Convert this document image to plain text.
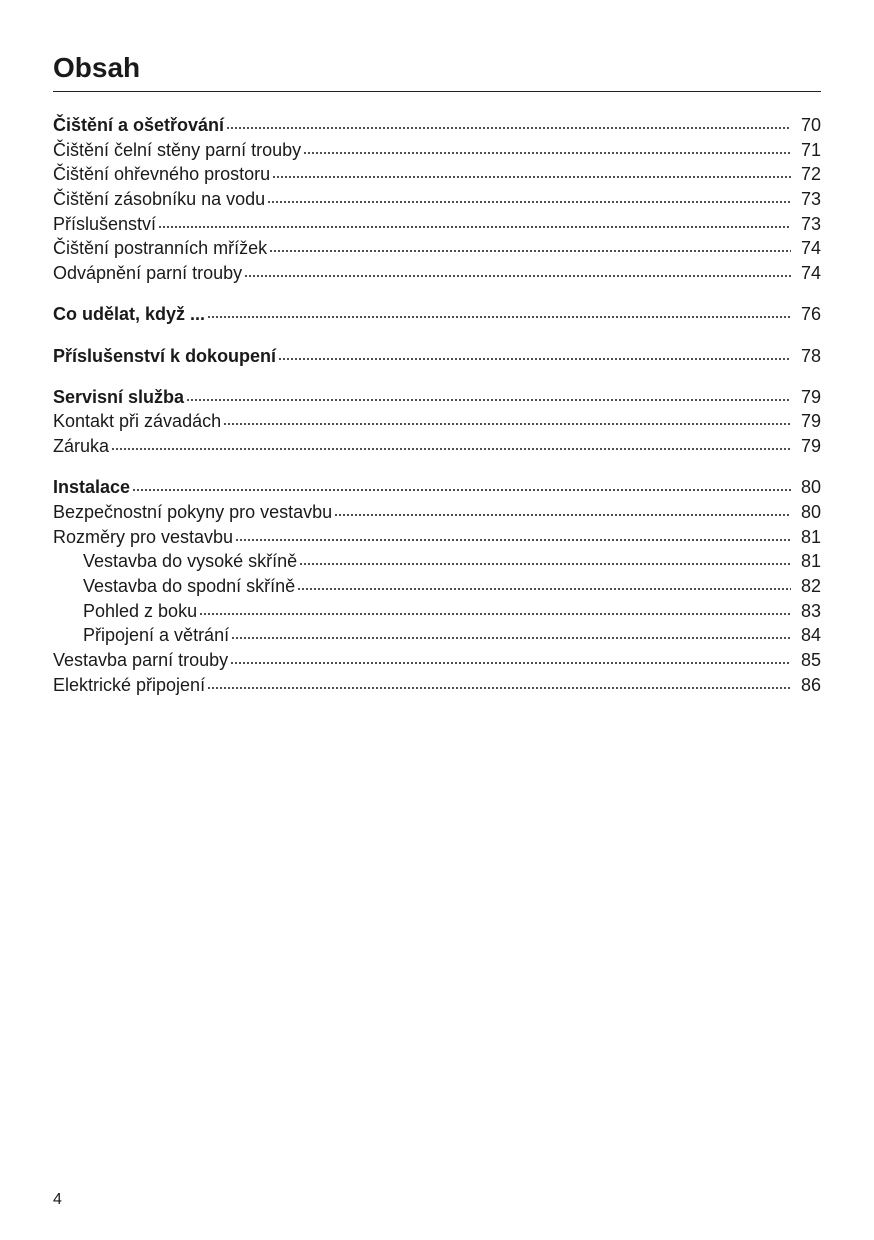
Obsah
Čištění a ošetřování	70
Čištění čelní stěny parní trouby	71
Čištění ohřevného prostoru	72
Čištění zásobníku na vodu	73
Příslušenství	73
Čištění postranních mřížek	74
Odvápnění parní trouby	74
Co udělat, když ...	76
Příslušenství k dokoupení	78
Servisní služba	79
Kontakt při závadách	79
Záruka	79
Instalace	80
Bezpečnostní pokyny pro vestavbu	80
Rozměry pro vestavbu	81
Vestavba do vysoké skříně	81
Vestavba do spodní skříně	82
Pohled z boku	83
Připojení a větrání	84
Vestavba parní trouby	85
Elektrické připojení	86
4
